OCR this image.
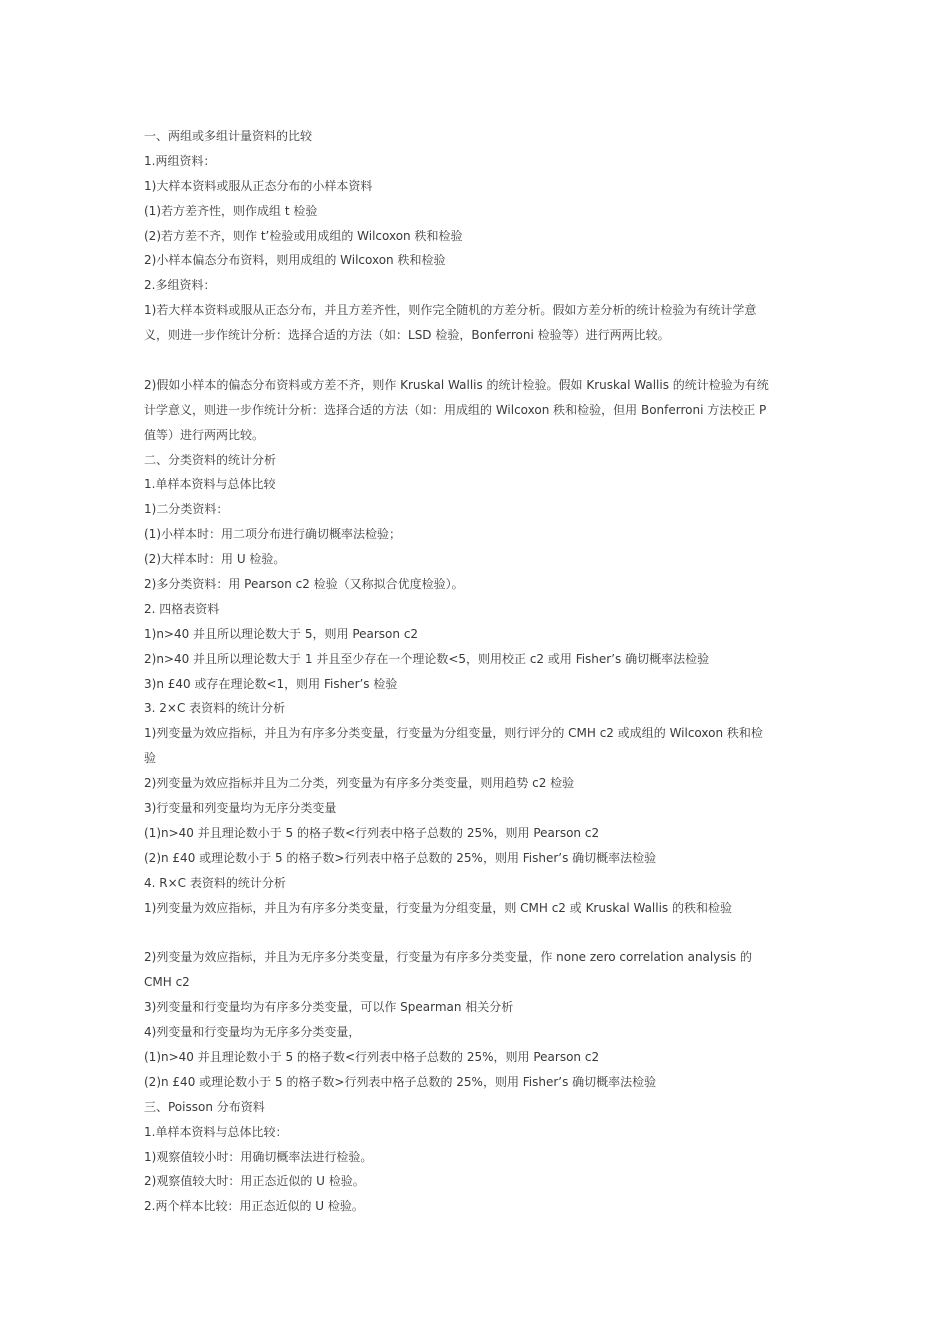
一、两组或多组计量资料的比较

1.两组资料：

1)大样本资料或服从正态分布的小样本资料

(1)若方差齐性，则作成组 t 检验

(2)若方差不齐，则作 t’检验或用成组的 Wilcoxon 秩和检验

2)小样本偏态分布资料，则用成组的 Wilcoxon 秩和检验

2.多组资料：

1)若大样本资料或服从正态分布，并且方差齐性，则作完全随机的方差分析。假如方差分析的统计检验为有统计学意

义，则进一步作统计分析：选择合适的方法（如：LSD 检验，Bonferroni 检验等）进行两两比较。

2)假如小样本的偏态分布资料或方差不齐，则作 Kruskal Wallis 的统计检验。假如 Kruskal Wallis 的统计检验为有统

计学意义，则进一步作统计分析：选择合适的方法（如：用成组的 Wilcoxon 秩和检验，但用 Bonferroni 方法校正 P

值等）进行两两比较。

二、分类资料的统计分析

1.单样本资料与总体比较

1)二分类资料：

(1)小样本时：用二项分布进行确切概率法检验；

(2)大样本时：用 U 检验。

2)多分类资料：用 Pearson c2 检验（又称拟合优度检验）。

2. 四格表资料

1)n>40 并且所以理论数大于 5，则用 Pearson c2

2)n>40 并且所以理论数大于 1 并且至少存在一个理论数<5，则用校正 c2 或用 Fisher’s 确切概率法检验

3)n £40 或存在理论数<1，则用 Fisher’s 检验

3. 2×C 表资料的统计分析

1)列变量为效应指标，并且为有序多分类变量，行变量为分组变量，则行评分的 CMH c2 或成组的 Wilcoxon 秩和检

验

2)列变量为效应指标并且为二分类，列变量为有序多分类变量，则用趋势 c2 检验

3)行变量和列变量均为无序分类变量

(1)n>40 并且理论数小于 5 的格子数<行列表中格子总数的 25%，则用 Pearson c2

(2)n £40 或理论数小于 5 的格子数>行列表中格子总数的 25%，则用 Fisher’s 确切概率法检验

4. R×C 表资料的统计分析

1)列变量为效应指标，并且为有序多分类变量，行变量为分组变量，则 CMH c2 或 Kruskal Wallis 的秩和检验

2)列变量为效应指标，并且为无序多分类变量，行变量为有序多分类变量，作 none zero correlation analysis 的

CMH c2

3)列变量和行变量均为有序多分类变量，可以作 Spearman 相关分析

4)列变量和行变量均为无序多分类变量，

(1)n>40 并且理论数小于 5 的格子数<行列表中格子总数的 25%，则用 Pearson c2

(2)n £40 或理论数小于 5 的格子数>行列表中格子总数的 25%，则用 Fisher’s 确切概率法检验

三、Poisson 分布资料

1.单样本资料与总体比较：

1)观察值较小时：用确切概率法进行检验。

2)观察值较大时：用正态近似的 U 检验。

2.两个样本比较：用正态近似的 U 检验。
